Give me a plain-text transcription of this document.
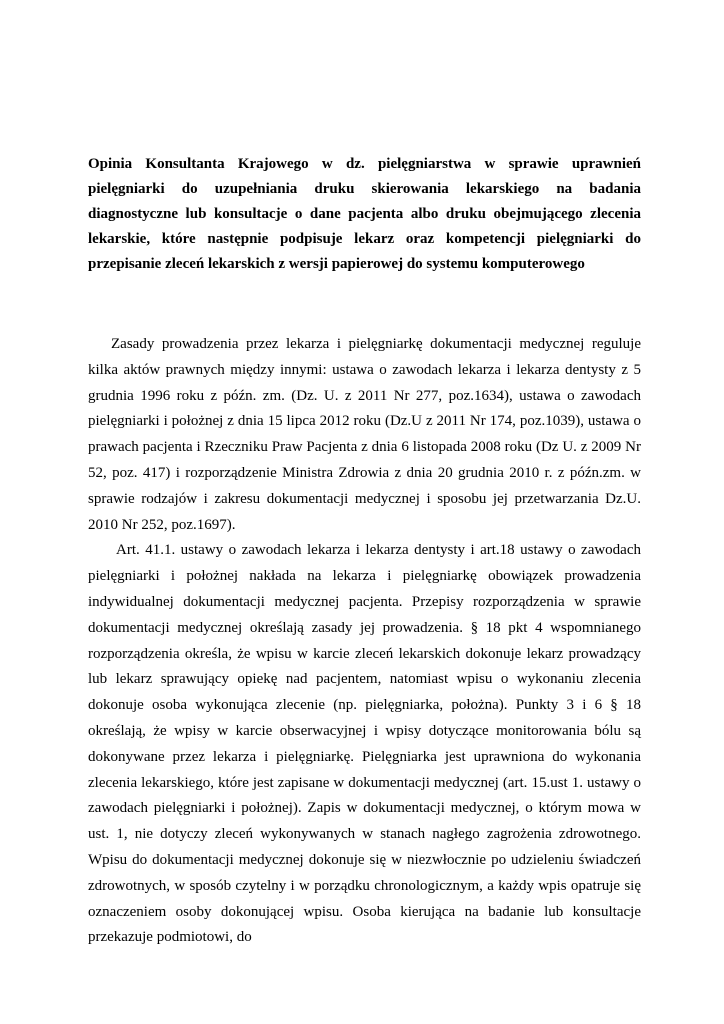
Opinia Konsultanta Krajowego w dz. pielęgniarstwa w sprawie uprawnień pielęgniarki do uzupełniania druku skierowania lekarskiego na badania diagnostyczne lub konsultacje o dane pacjenta albo druku obejmującego zlecenia lekarskie, które następnie podpisuje lekarz oraz kompetencji pielęgniarki do przepisanie zleceń lekarskich z wersji papierowej do systemu komputerowego

Zasady prowadzenia przez lekarza i pielęgniarkę dokumentacji medycznej reguluje kilka aktów prawnych między innymi: ustawa o zawodach lekarza i lekarza dentysty z 5 grudnia 1996 roku z późn. zm. (Dz. U. z 2011 Nr 277, poz.1634), ustawa o zawodach pielęgniarki i położnej z dnia 15 lipca 2012 roku (Dz.U z 2011 Nr 174, poz.1039), ustawa o prawach pacjenta i Rzeczniku Praw Pacjenta z dnia 6 listopada 2008 roku (Dz U. z 2009 Nr 52, poz. 417) i rozporządzenie Ministra Zdrowia z dnia 20 grudnia 2010 r. z późn.zm. w sprawie rodzajów i zakresu dokumentacji medycznej i sposobu jej przetwarzania Dz.U. 2010 Nr 252, poz.1697).

Art. 41.1. ustawy o zawodach lekarza i lekarza dentysty i art.18 ustawy o zawodach pielęgniarki i położnej nakłada na lekarza i pielęgniarkę obowiązek prowadzenia indywidualnej dokumentacji medycznej pacjenta. Przepisy rozporządzenia w sprawie dokumentacji medycznej określają zasady jej prowadzenia. § 18 pkt 4 wspomnianego rozporządzenia określa, że wpisu w karcie zleceń lekarskich dokonuje lekarz prowadzący lub lekarz sprawujący opiekę nad pacjentem, natomiast wpisu o wykonaniu zlecenia dokonuje osoba wykonująca zlecenie (np. pielęgniarka, położna). Punkty 3 i 6 § 18 określają, że wpisy w karcie obserwacyjnej i wpisy dotyczące monitorowania bólu są dokonywane przez lekarza i pielęgniarkę. Pielęgniarka jest uprawniona do wykonania zlecenia lekarskiego, które jest zapisane w dokumentacji medycznej (art. 15.ust 1. ustawy o zawodach pielęgniarki i położnej). Zapis w dokumentacji medycznej, o którym mowa w ust. 1, nie dotyczy zleceń wykonywanych w stanach nagłego zagrożenia zdrowotnego. Wpisu do dokumentacji medycznej dokonuje się w niezwłocznie po udzieleniu świadczeń zdrowotnych, w sposób czytelny i w porządku chronologicznym, a każdy wpis opatruje się oznaczeniem osoby dokonującej wpisu. Osoba kierująca na badanie lub konsultacje przekazuje podmiotowi, do
